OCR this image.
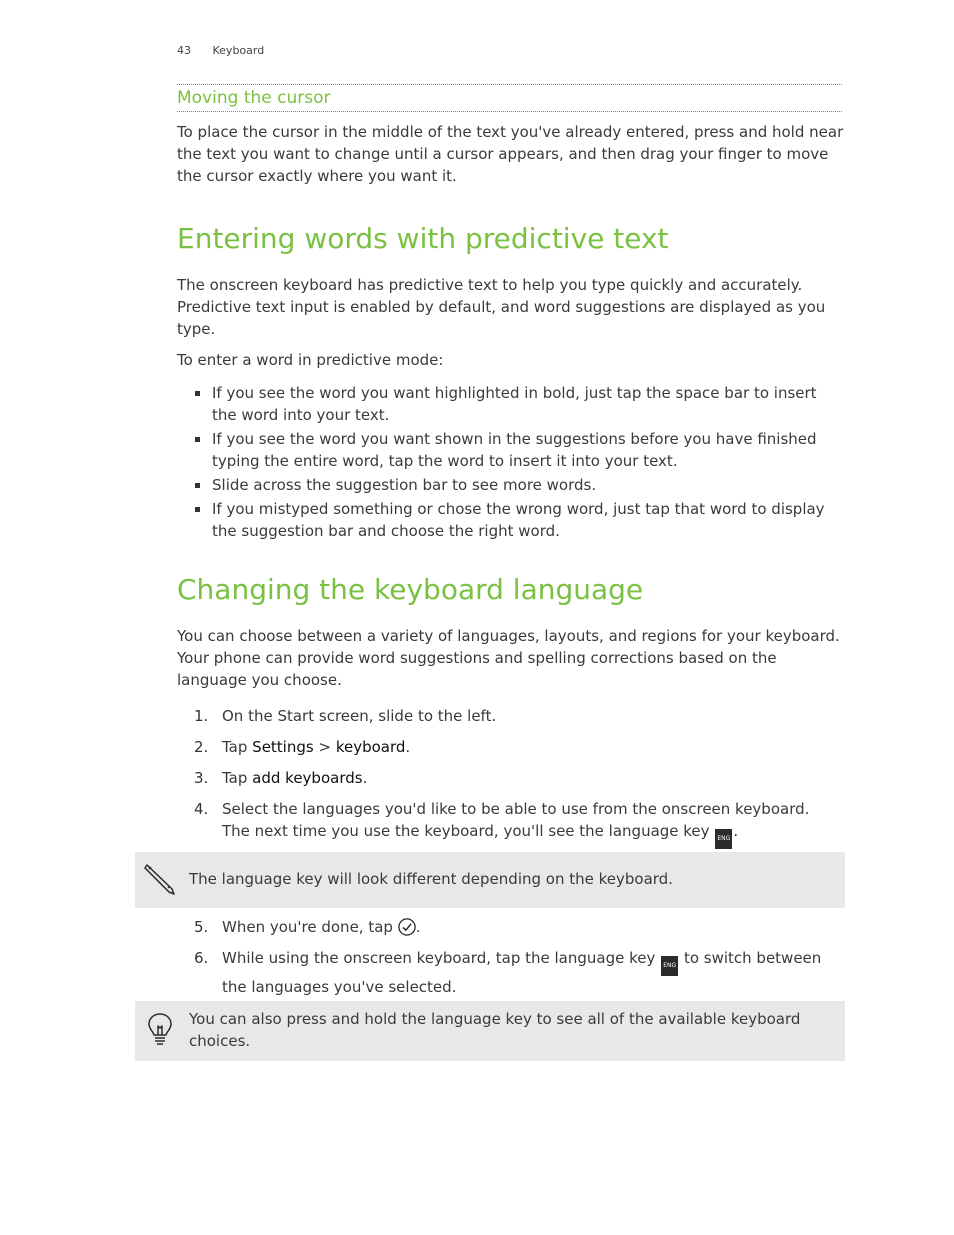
43 Keyboard
Moving the cursor
To place the cursor in the middle of the text you've already entered, press and hold near the text you want to change until a cursor appears, and then drag your finger to move the cursor exactly where you want it.
Entering words with predictive text
The onscreen keyboard has predictive text to help you type quickly and accurately. Predictive text input is enabled by default, and word suggestions are displayed as you type.
To enter a word in predictive mode:
If you see the word you want highlighted in bold, just tap the space bar to insert the word into your text.
If you see the word you want shown in the suggestions before you have finished typing the entire word, tap the word to insert it into your text.
Slide across the suggestion bar to see more words.
If you mistyped something or chose the wrong word, just tap that word to display the suggestion bar and choose the right word.
Changing the keyboard language
You can choose between a variety of languages, layouts, and regions for your keyboard. Your phone can provide word suggestions and spelling corrections based on the language you choose.
1. On the Start screen, slide to the left.
2. Tap Settings > keyboard.
3. Tap add keyboards.
4. Select the languages you'd like to be able to use from the onscreen keyboard.
The next time you use the keyboard, you'll see the language key ENG .
The language key will look different depending on the keyboard.
5. When you're done, tap .
6. While using the onscreen keyboard, tap the language key ENG to switch between the languages you've selected.
You can also press and hold the language key to see all of the available keyboard choices.
